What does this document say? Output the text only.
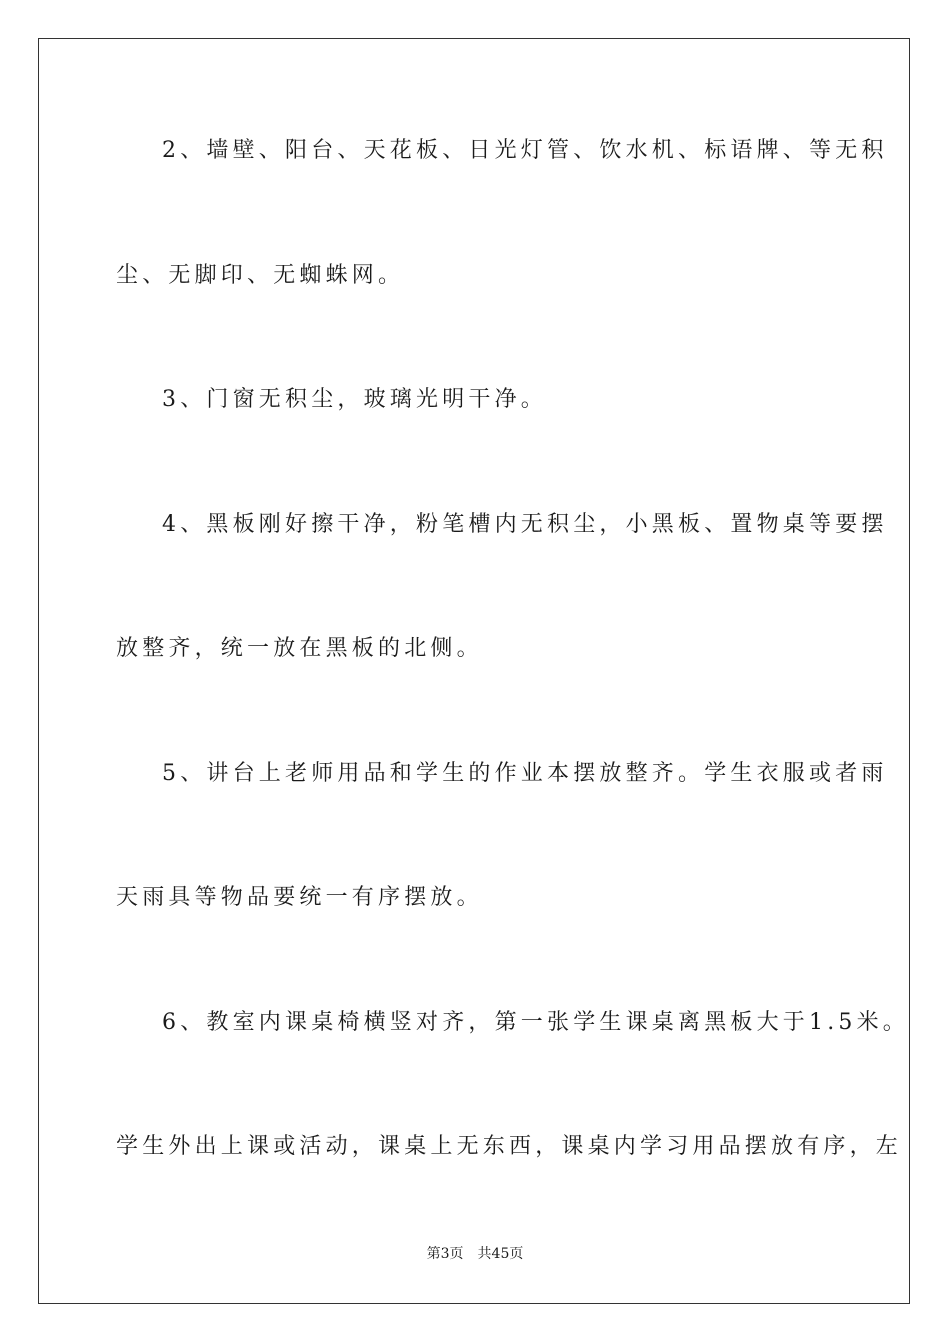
2、墙壁、阳台、天花板、日光灯管、饮水机、标语牌、等无积
尘、无脚印、无蜘蛛网。
3、门窗无积尘，玻璃光明干净。
4、黑板刚好擦干净，粉笔槽内无积尘，小黑板、置物桌等要摆
放整齐，统一放在黑板的北侧。
5、讲台上老师用品和学生的作业本摆放整齐。学生衣服或者雨
天雨具等物品要统一有序摆放。
6、教室内课桌椅横竖对齐，第一张学生课桌离黑板大于1.5米。
学生外出上课或活动，课桌上无东西，课桌内学习用品摆放有序，左
第3页 共45页
